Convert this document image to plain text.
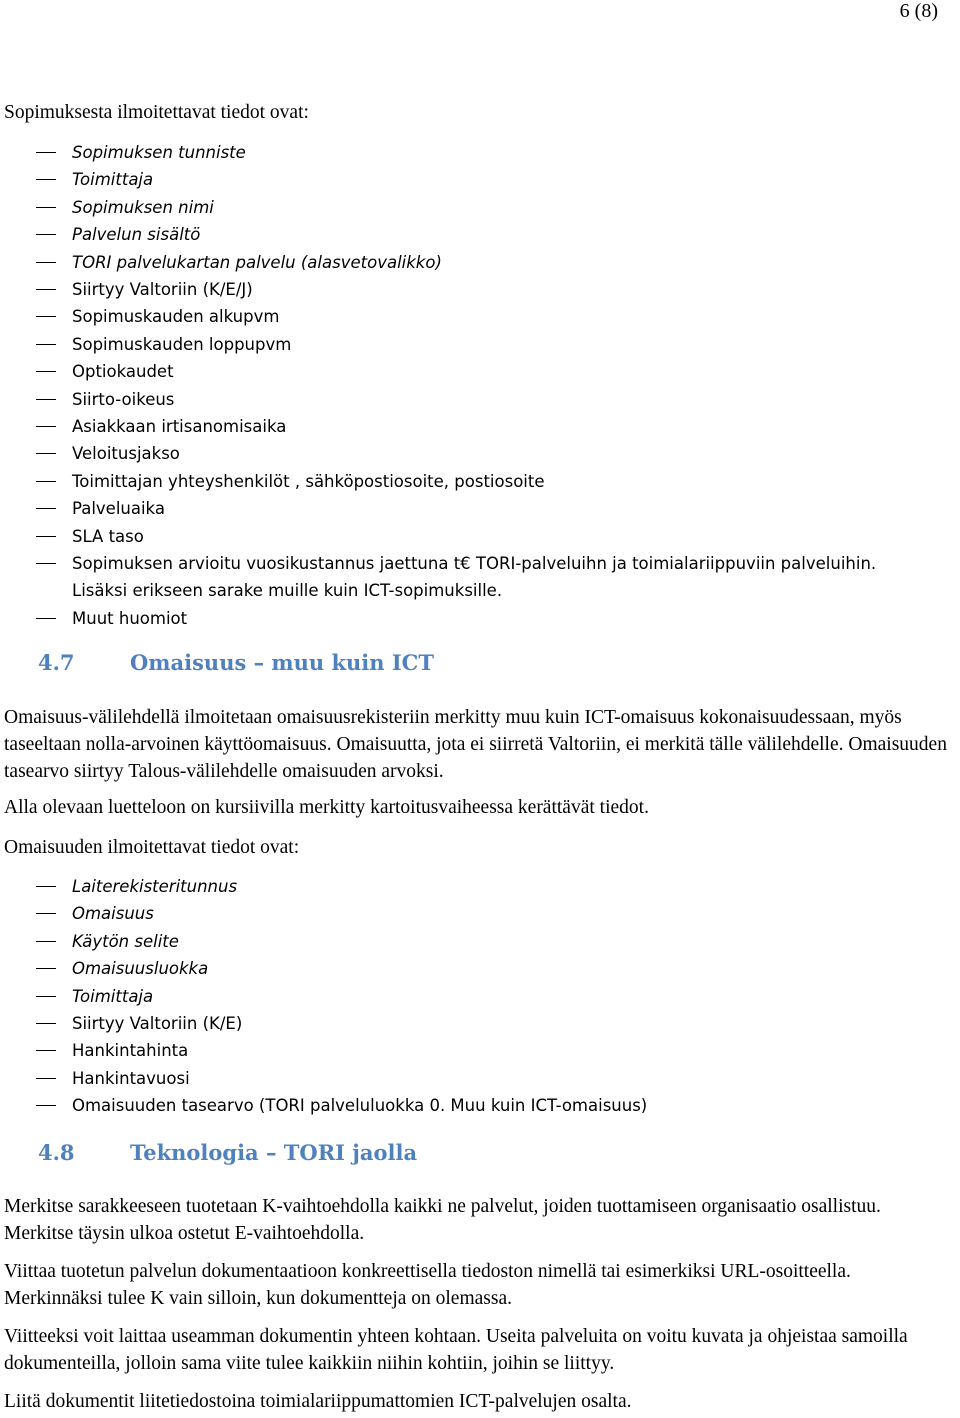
6 (8)

Sopimuksesta ilmoitettavat tiedot ovat:

Sopimuksen tunniste
Toimittaja
Sopimuksen nimi
Palvelun sisältö
TORI palvelukartan palvelu (alasvetovalikko)
Siirtyy Valtoriin (K/E/J)
Sopimuskauden alkupvm
Sopimuskauden loppupvm
Optiokaudet
Siirto-oikeus
Asiakkaan irtisanomisaika
Veloitusjakso
Toimittajan yhteyshenkilöt , sähköpostiosoite, postiosoite
Palveluaika
SLA taso
Sopimuksen arvioitu vuosikustannus jaettuna t€ TORI-palveluihn ja toimialariippuviin palveluihin. Lisäksi erikseen sarake muille kuin ICT-sopimuksille.
Muut huomiot
4.7	Omaisuus – muu kuin ICT

Omaisuus-välilehdellä ilmoitetaan omaisuusrekisteriin merkitty muu kuin ICT-omaisuus kokonaisuudessaan, myös taseeltaan nolla-arvoinen käyttöomaisuus. Omaisuutta, jota ei siirretä Valtoriin, ei merkitä tälle välilehdelle. Omaisuuden tasearvo siirtyy Talous-välilehdelle omaisuuden arvoksi.

Alla olevaan luetteloon on kursiivilla merkitty kartoitusvaiheessa kerättävät tiedot.

Omaisuuden ilmoitettavat tiedot ovat:

Laiterekisteritunnus
Omaisuus
Käytön selite
Omaisuusluokka
Toimittaja
Siirtyy Valtoriin (K/E)
Hankintahinta
Hankintavuosi
Omaisuuden tasearvo (TORI palveluluokka 0. Muu kuin ICT-omaisuus)
4.8	Teknologia – TORI jaolla

Merkitse sarakkeeseen tuotetaan K-vaihtoehdolla kaikki ne palvelut, joiden tuottamiseen organisaatio osallistuu. Merkitse täysin ulkoa ostetut E-vaihtoehdolla.

Viittaa tuotetun palvelun dokumentaatioon konkreettisella tiedoston nimellä tai esimerkiksi URL-osoitteella. Merkinnäksi tulee K vain silloin, kun dokumentteja on olemassa.

Viitteeksi voit laittaa useamman dokumentin yhteen kohtaan. Useita palveluita on voitu kuvata ja ohjeistaa samoilla dokumenteilla, jolloin sama viite tulee kaikkiin niihin kohtiin, joihin se liittyy.

Liitä dokumentit liitetiedostoina toimialariippumattomien ICT-palvelujen osalta.
